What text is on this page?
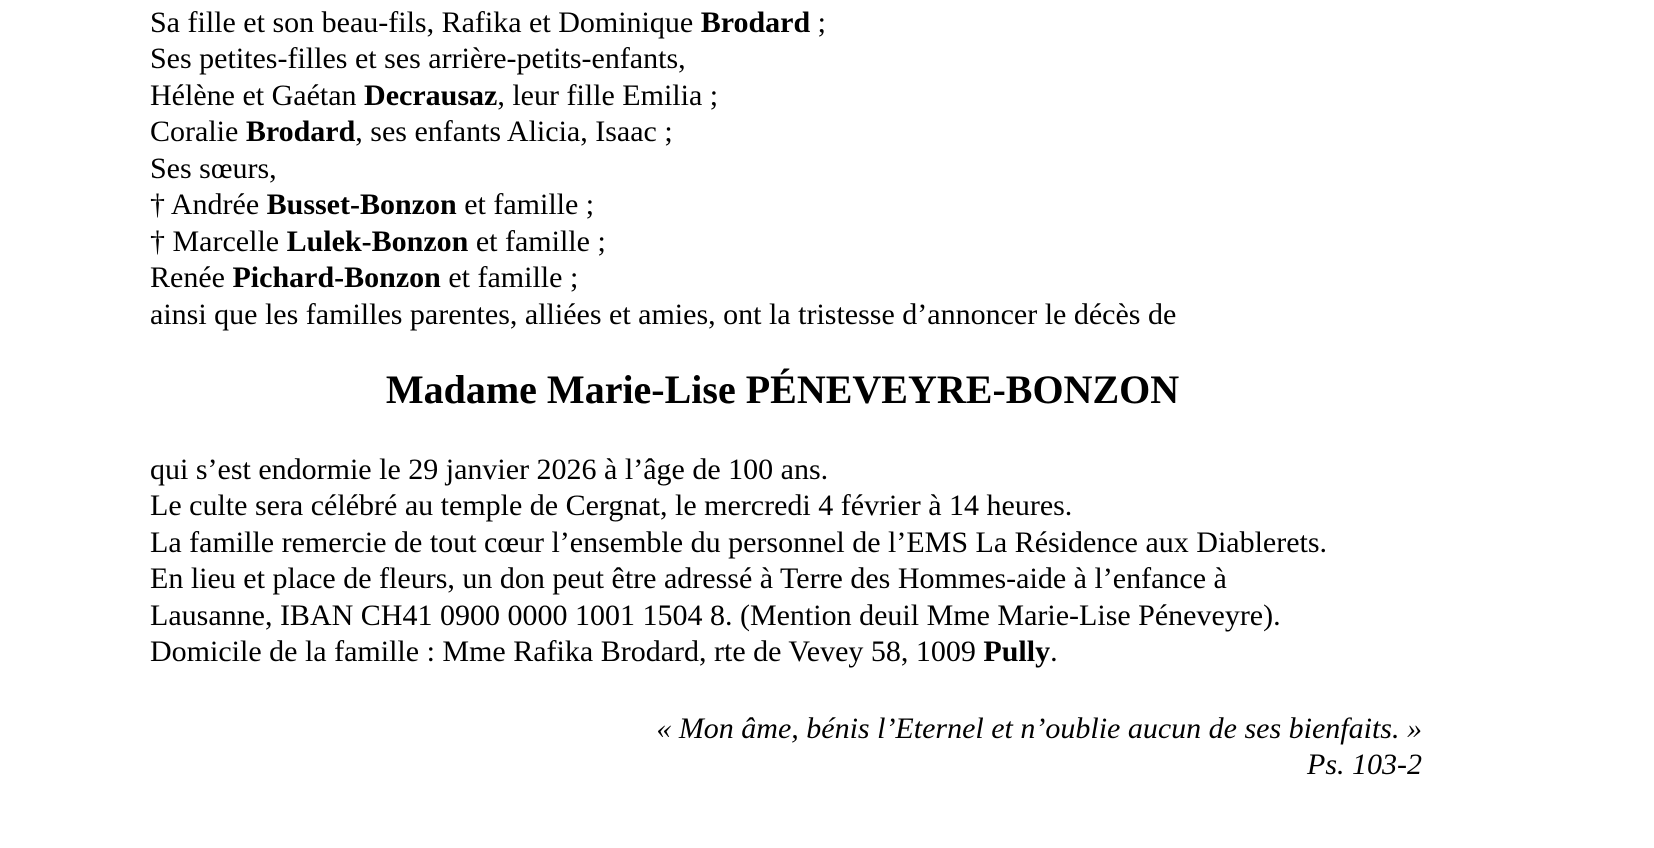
Sa fille et son beau-fils, Rafika et Dominique Brodard ;
Ses petites-filles et ses arrière-petits-enfants,
Hélène et Gaétan Decrausaz, leur fille Emilia ;
Coralie Brodard, ses enfants Alicia, Isaac ;
Ses sœurs,
† Andrée Busset-Bonzon et famille ;
† Marcelle Lulek-Bonzon et famille ;
Renée Pichard-Bonzon et famille ;
ainsi que les familles parentes, alliées et amies, ont la tristesse d’annoncer le décès de
Madame Marie-Lise PÉNEVEYRE-BONZON
qui s’est endormie le 29 janvier 2026 à l’âge de 100 ans.
Le culte sera célébré au temple de Cergnat, le mercredi 4 février à 14 heures.
La famille remercie de tout cœur l’ensemble du personnel de l’EMS La Résidence aux Diablerets.
En lieu et place de fleurs, un don peut être adressé à Terre des Hommes-aide à l’enfance à
Lausanne, IBAN CH41 0900 0000 1001 1504 8. (Mention deuil Mme Marie-Lise Péneveyre).
Domicile de la famille : Mme Rafika Brodard, rte de Vevey 58, 1009 Pully.
« Mon âme, bénis l’Eternel et n’oublie aucun de ses bienfaits. »
Ps. 103-2
